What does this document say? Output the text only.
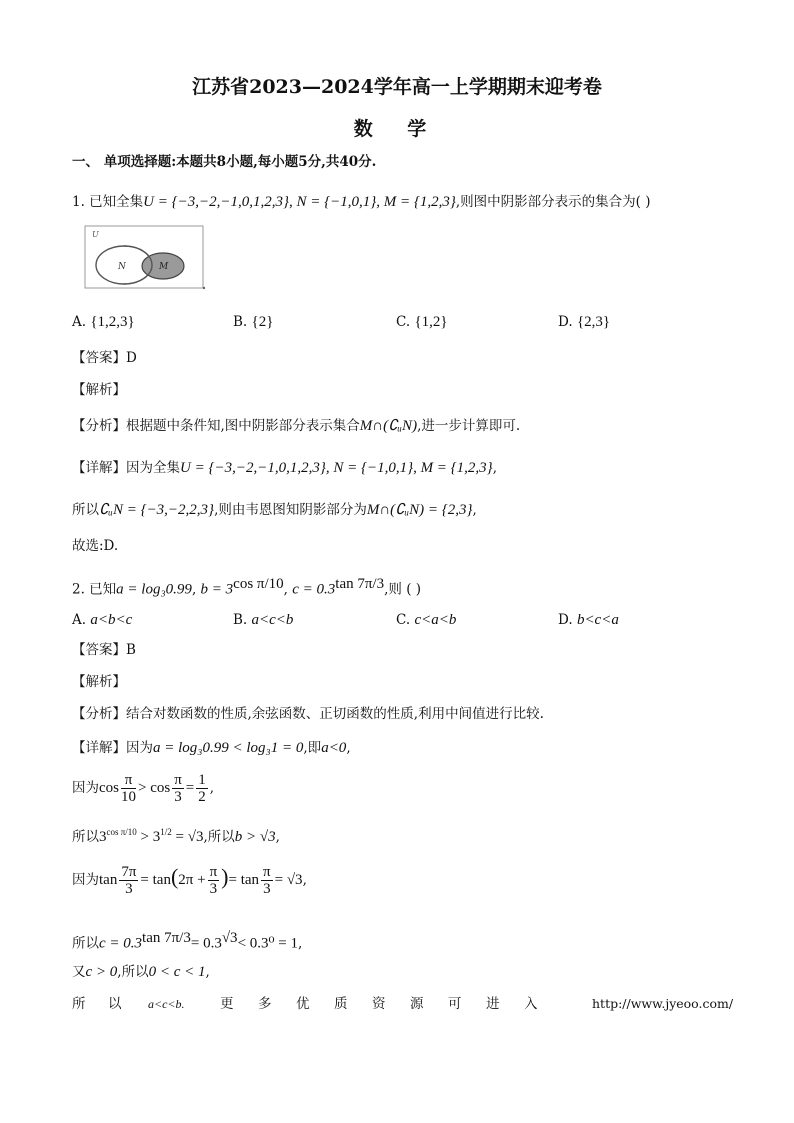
江苏省2023—2024学年高一上学期期末迎考卷
数 学
一、 单项选择题:本题共8小题,每小题5分,共40分.
1. 已知全集U = {−3,−2,−1,0,1,2,3}, N = {−1,0,1}, M = {1,2,3},则图中阴影部分表示的集合为( )
U
N	M
A. {1,2,3}	B. {2}	C. {1,2}	D. {2,3}
【答案】D
【解析】
【分析】根据题中条件知,图中阴影部分表示集合M∩(∁ᵤN),进一步计算即可.
【详解】因为全集U = {−3,−2,−1,0,1,2,3}, N = {−1,0,1}, M = {1,2,3},
所以∁ᵤN = {−3,−2,2,3},则由韦恩图知阴影部分为M∩(∁ᵤN) = {2,3},
故选:D.
2. 已知a = log₃0.99, $b = 3^{cos \pi/10}$, $c = 0.3^{tan 7\pi/3}$,则 ( )
A. a<b<c	B. a<c<b	C. c<a<b	D. b<c<a
【答案】B
【解析】
【分析】结合对数函数的性质,余弦函数、正切函数的性质,利用中间值进行比较.
【详解】因为a = log₃0.99 < log₃1 = 0,即a<0,
因为$\cos \frac{\pi}{10} > \cos \frac{\pi}{3} = \frac{1}{2}$ ,
所以$3^{cos \pi/10} > 3^{1/2} = √3$,所以b > √3,
因为$\tan \frac{7\pi}{3} = \tan(2\pi + \frac{\pi}{3}$ )= $\tan \frac{\pi}{3} = √3$,
所以$c = 0.3^{tan 7\pi/3}= 0.3^{√3}< 0.3^0 = 1$,
又c > 0,所以0 < c < 1,
所 以 a<c<b.	更 多 优 质 资 源 可 进 入	http://www.jyeoo.com/
